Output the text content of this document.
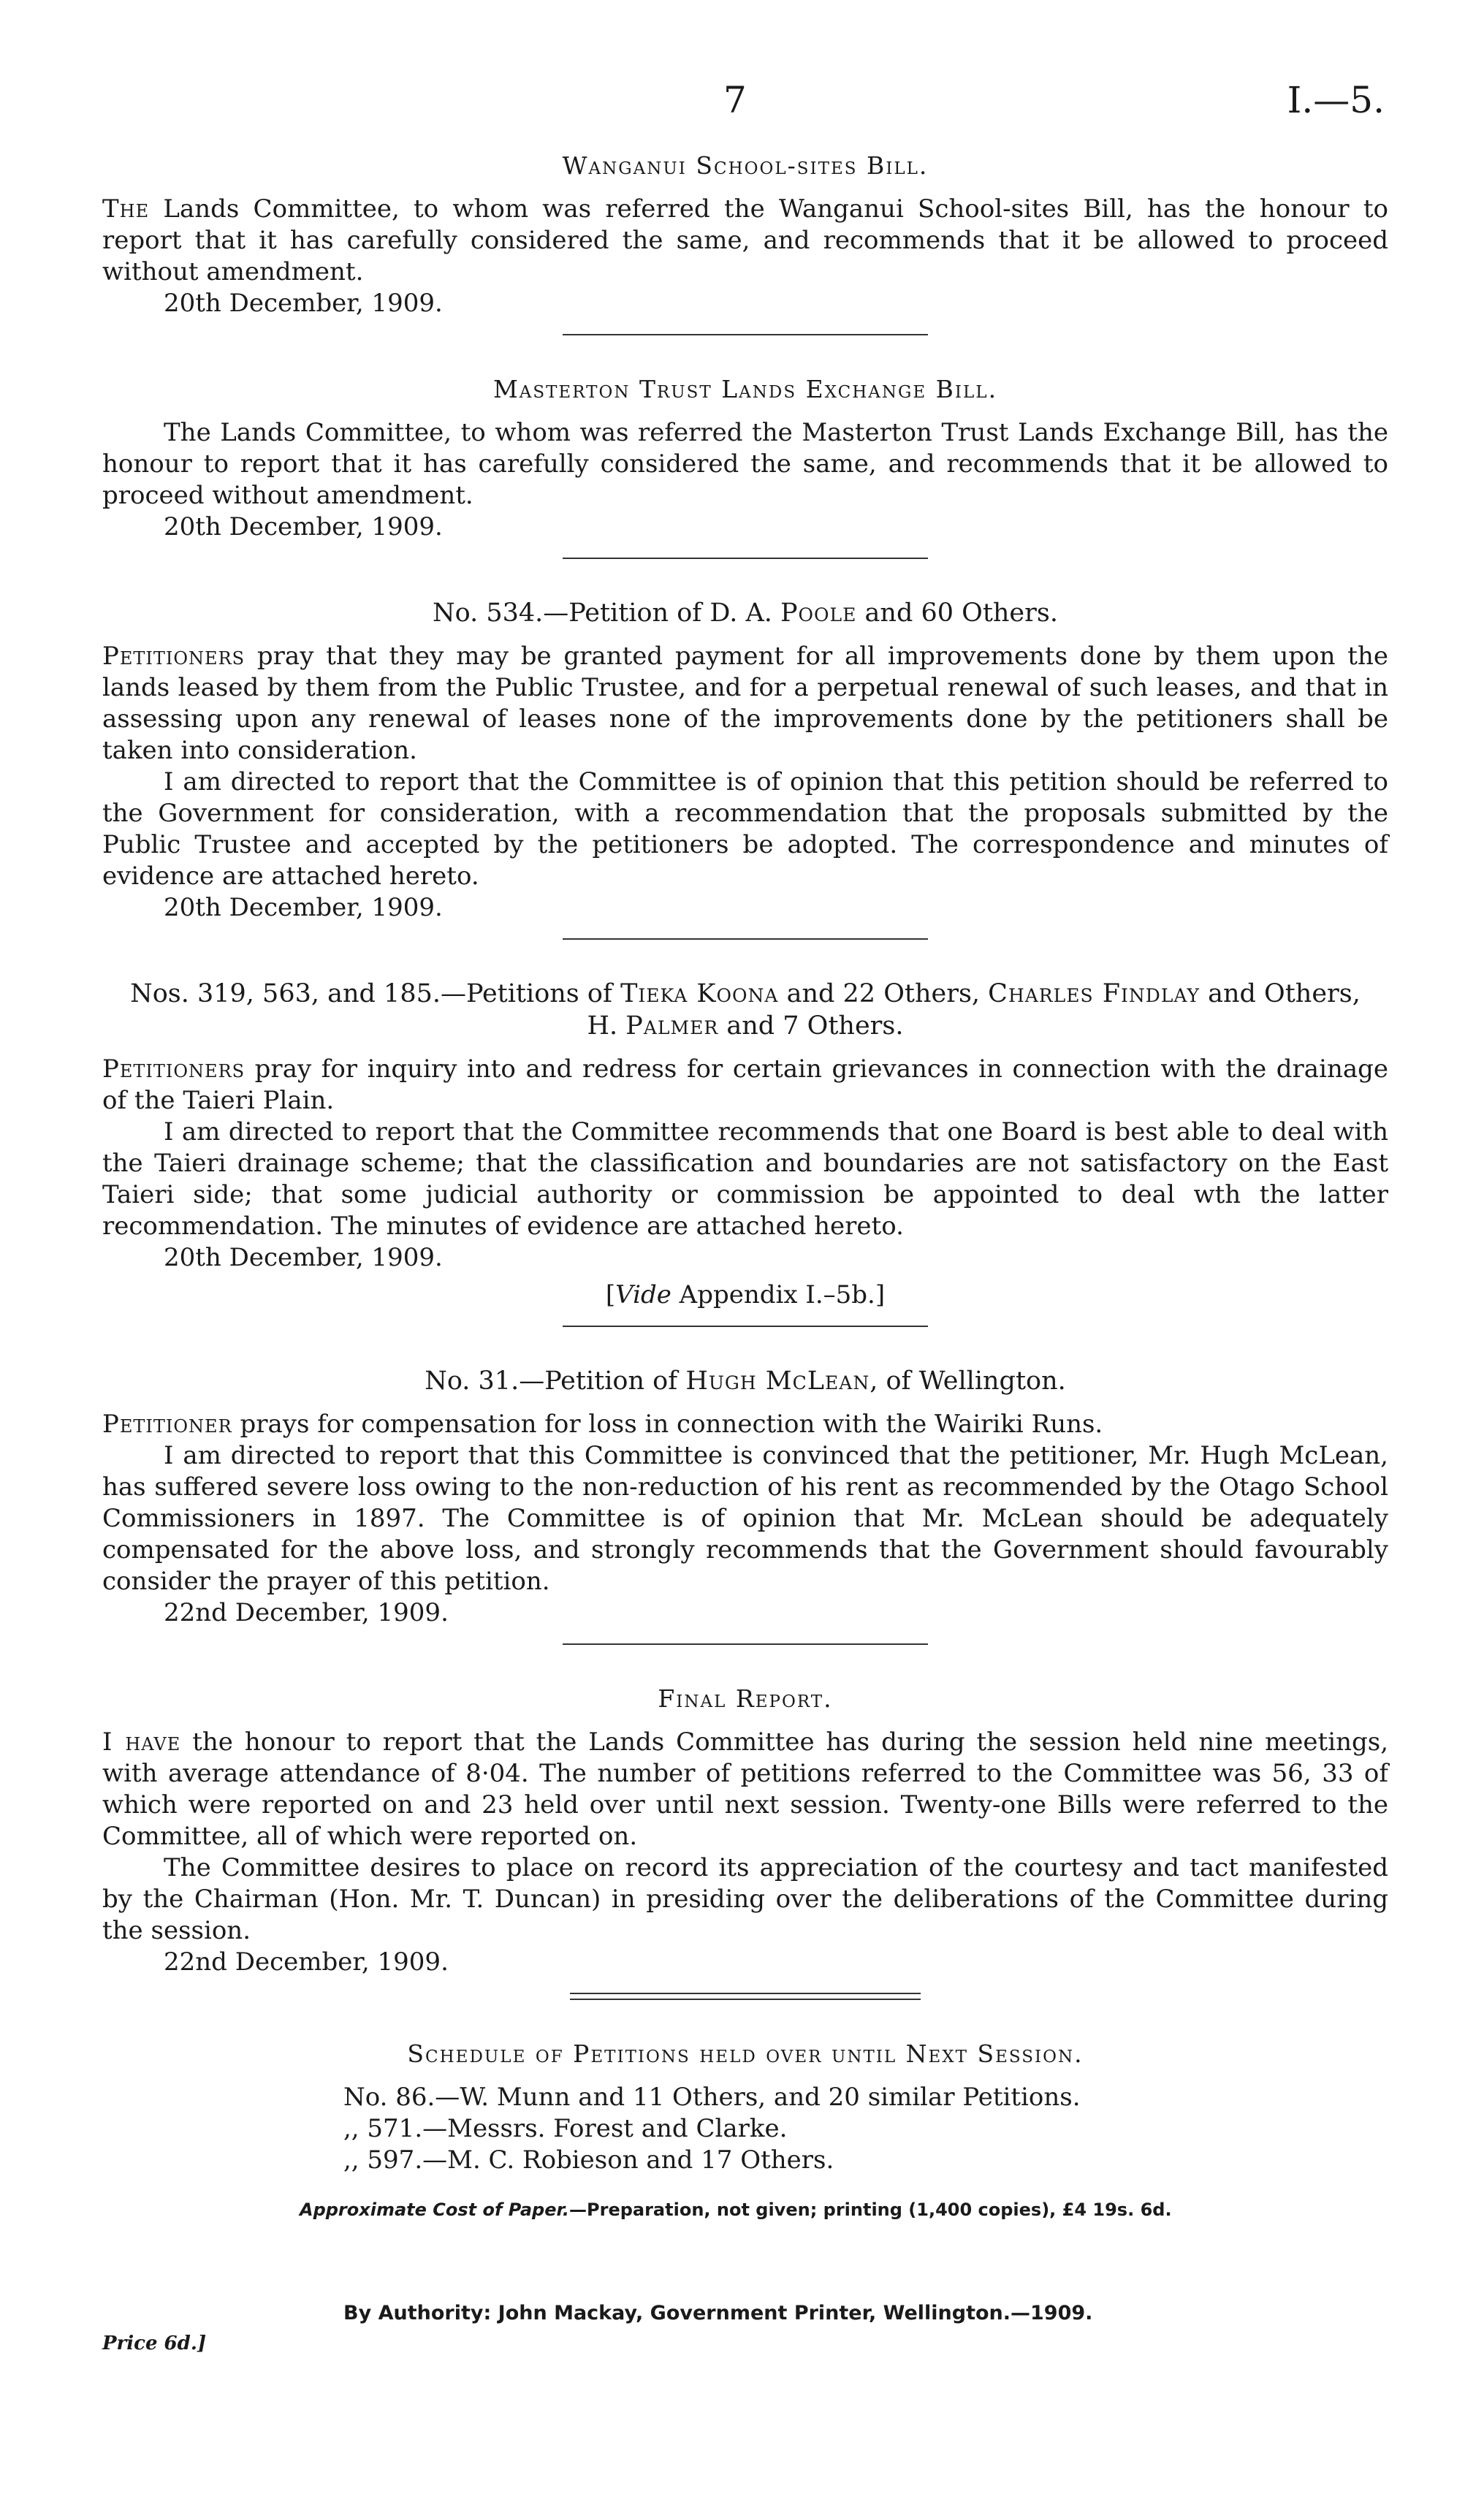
7	I.—5.
Wanganui School-sites Bill.

The Lands Committee, to whom was referred the Wanganui School-sites Bill, has the honour to report that it has carefully considered the same, and recommends that it be allowed to proceed without amendment.

20th December, 1909.
Masterton Trust Lands Exchange Bill.

The Lands Committee, to whom was referred the Masterton Trust Lands Exchange Bill, has the honour to report that it has carefully considered the same, and recommends that it be allowed to proceed without amendment.

20th December, 1909.
No. 534.—Petition of D. A. Poole and 60 Others.

Petitioners pray that they may be granted payment for all improvements done by them upon the lands leased by them from the Public Trustee, and for a perpetual renewal of such leases, and that in assessing upon any renewal of leases none of the improvements done by the petitioners shall be taken into consideration.

I am directed to report that the Committee is of opinion that this petition should be referred to the Government for consideration, with a recommendation that the proposals submitted by the Public Trustee and accepted by the petitioners be adopted. The correspondence and minutes of evidence are attached hereto.

20th December, 1909.
Nos. 319, 563, and 185.—Petitions of Tieka Koona and 22 Others, Charles Findlay and Others,
H. Palmer and 7 Others.

Petitioners pray for inquiry into and redress for certain grievances in connection with the drainage of the Taieri Plain.

I am directed to report that the Committee recommends that one Board is best able to deal with the Taieri drainage scheme; that the classification and boundaries are not satisfactory on the East Taieri side; that some judicial authority or commission be appointed to deal wth the latter recommendation. The minutes of evidence are attached hereto.

20th December, 1909.
[Vide Appendix I.–5b.]
No. 31.—Petition of Hugh McLean, of Wellington.

Petitioner prays for compensation for loss in connection with the Wairiki Runs.

I am directed to report that this Committee is convinced that the petitioner, Mr. Hugh McLean, has suffered severe loss owing to the non-reduction of his rent as recommended by the Otago School Commissioners in 1897. The Committee is of opinion that Mr. McLean should be adequately compensated for the above loss, and strongly recommends that the Government should favourably consider the prayer of this petition.

22nd December, 1909.
Final Report.

I have the honour to report that the Lands Committee has during the session held nine meetings, with average attendance of 8·04. The number of petitions referred to the Committee was 56, 33 of which were reported on and 23 held over until next session. Twenty-one Bills were referred to the Committee, all of which were reported on.

The Committee desires to place on record its appreciation of the courtesy and tact manifested by the Chairman (Hon. Mr. T. Duncan) in presiding over the deliberations of the Committee during the session.

22nd December, 1909.
Schedule of Petitions held over until Next Session.
No. 86.—W. Munn and 11 Others, and 20 similar Petitions.
,, 571.—Messrs. Forest and Clarke.
,, 597.—M. C. Robieson and 17 Others.
Approximate Cost of Paper.—Preparation, not given; printing (1,400 copies), £4 19s. 6d.
By Authority: John Mackay, Government Printer, Wellington.—1909.
Price 6d.]
